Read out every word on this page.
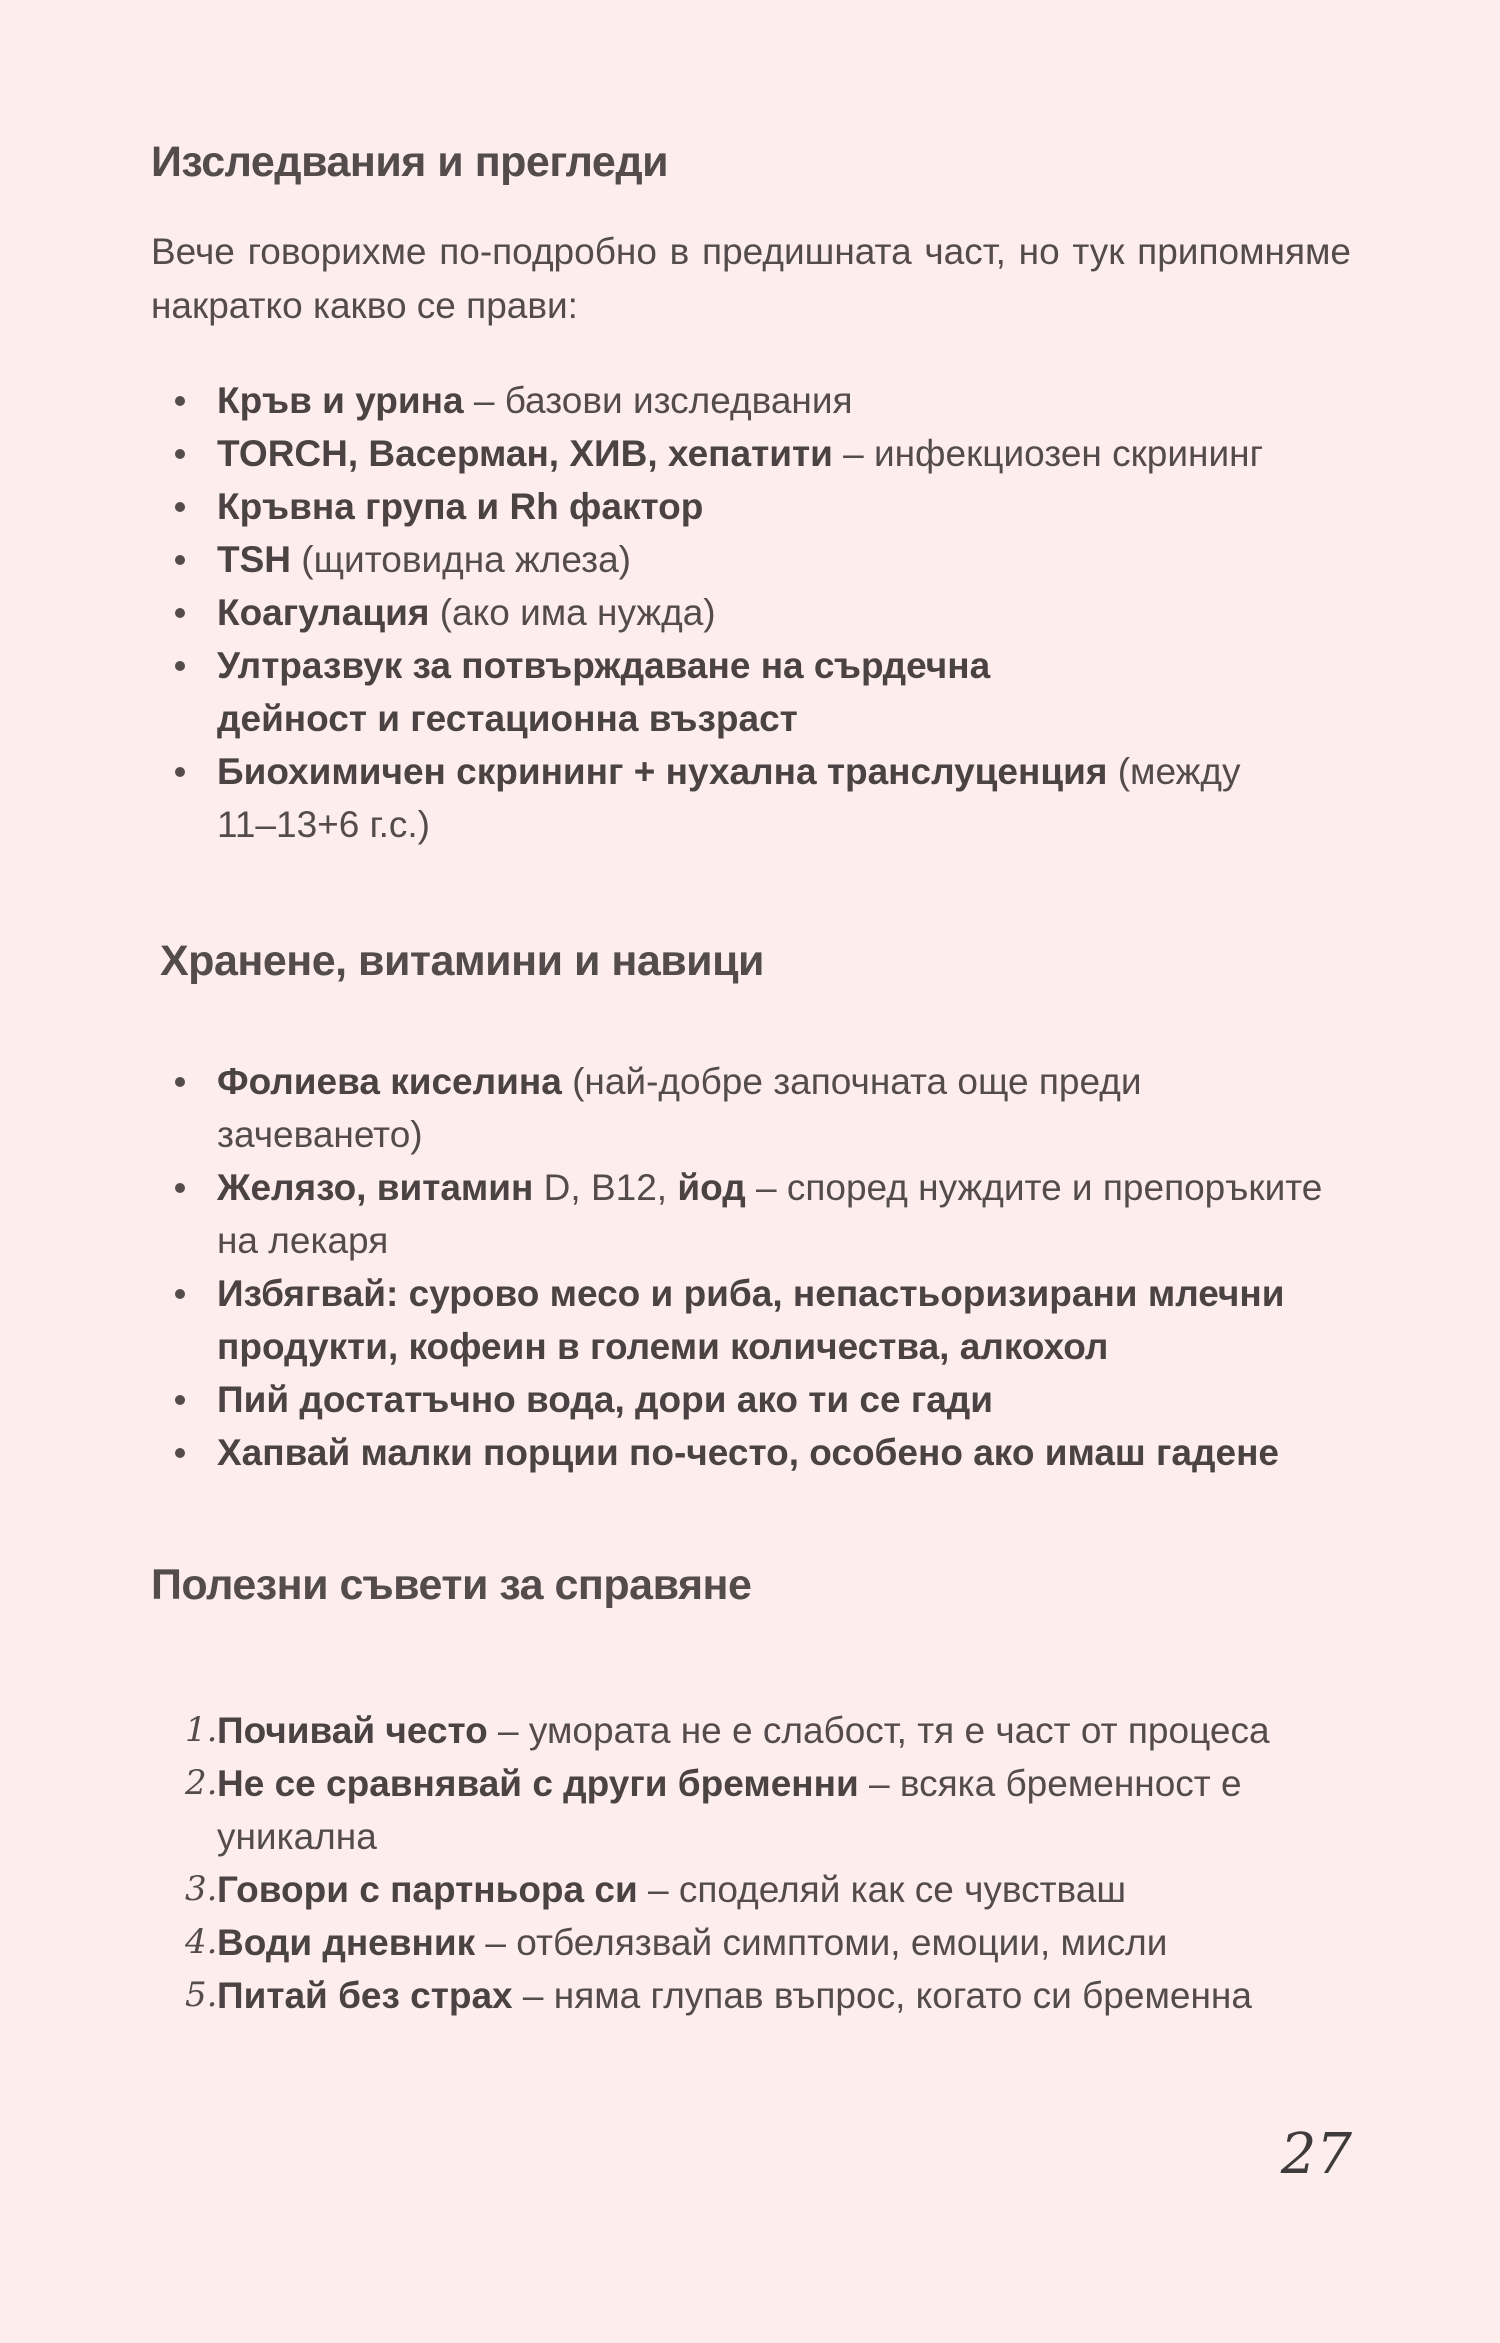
Изследвания и прегледи

Вече говорихме по-подробно в предишната част, но тук припомняме накратко какво се прави:

Кръв и урина – базови изследвания
TORCH, Васерман, ХИВ, хепатити – инфекциозен скрининг
Кръвна група и Rh фактор
TSH (щитовидна жлеза)
Коагулация (ако има нужда)
Ултразвук за потвърждаване на сърдечна дейност и гестационна възраст
Биохимичен скрининг + нухална транслуценция (между 11–13+6 г.с.)
Хранене, витамини и навици
Фолиева киселина (най-добре започната още преди зачеването)
Желязо, витамин D, B12, йод – според нуждите и препоръките на лекаря
Избягвай: сурово месо и риба, непастьоризирани млечни продукти, кофеин в големи количества, алкохол
Пий достатъчно вода, дори ако ти се гади
Хапвай малки порции по-често, особено ако имаш гадене
Полезни съвети за справяне
1. Почивай често – умората не е слабост, тя е част от процеса
2. Не се сравнявай с други бременни – всяка бременност е уникална
3. Говори с партньора си – споделяй как се чувстваш
4. Води дневник – отбелязвай симптоми, емоции, мисли
5. Питай без страх – няма глупав въпрос, когато си бременна
27
